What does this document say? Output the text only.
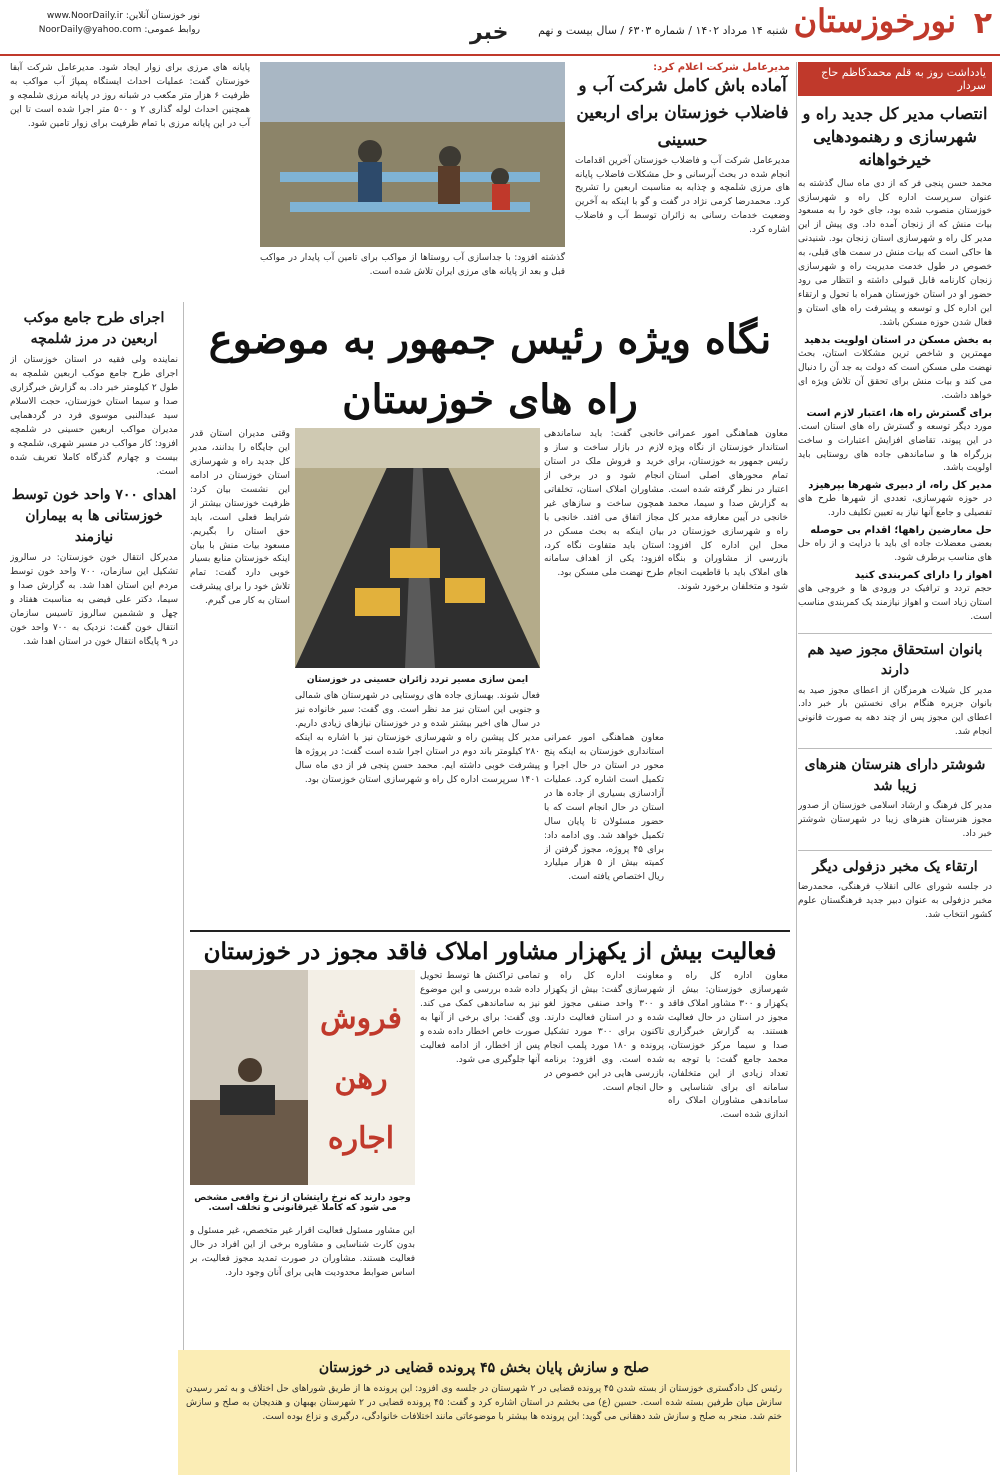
۲
نورخوزستان
شنبه ۱۴ مرداد ۱۴۰۲ / شماره ۶۳۰۳ / سال بیست و نهم
خبر
نور خوزستان آنلاین: www.NoorDaily.ir
روابط عمومی: NoorDaily@yahoo.com
یادداشت روز به قلم محمدکاظم حاج سردار
انتصاب مدیر کل جدید راه و شهرسازی و رهنمودهایی خیرخواهانه

محمد حسن پنجی فر که از دی ماه سال گذشته به عنوان سرپرست اداره کل راه و شهرسازی خوزستان منصوب شده بود، جای خود را به مسعود بیات منش که از زنجان آمده داد. وی پیش از این مدیر کل راه و شهرسازی استان زنجان بود. شنیدنی ها حاکی است که بیات منش در سمت های قبلی، به خصوص در طول خدمت مدیریت راه و شهرسازی زنجان کارنامه قابل قبولی داشته و انتظار می رود حضور او در استان خوزستان همراه با تحول و ارتقاء این اداره کل و توسعه و پیشرفت راه های استان و فعال شدن حوزه مسکن باشد.

به بخش مسکن در استان اولویت بدهید

مهمترین و شاخص ترین مشکلات استان، بحث نهضت ملی مسکن است که دولت به جد آن را دنبال می کند و بیات منش برای تحقق آن تلاش ویژه ای خواهد داشت.

برای گسترش راه ها، اعتبار لازم است

مورد دیگر توسعه و گسترش راه های استان است. در این پیوند، تقاضای افزایش اعتبارات و ساخت بزرگراه ها و ساماندهی جاده های روستایی باید اولویت باشد.

مدیر کل راه، از دبیری شهرها بپرهیزد

در حوزه شهرسازی، تعددی از شهرها طرح های تفصیلی و جامع آنها نیاز به تعیین تکلیف دارد.

حل معارضین راهها؛ اقدام بی حوصله

بعضی معضلات جاده ای باید با درایت و از راه حل های مناسب برطرف شود.

اهواز را دارای کمربندی کنید

حجم تردد و ترافیک در ورودی ها و خروجی های استان زیاد است و اهواز نیازمند یک کمربندی مناسب است.

بانوان استحقاق مجوز صید هم دارند

مدیر کل شیلات هرمزگان از اعطای مجوز صید به بانوان جزیره هنگام برای نخستین بار خبر داد. اعطای این مجوز پس از چند دهه به صورت قانونی انجام شد.

شوشتر دارای هنرستان هنرهای زیبا شد

مدیر کل فرهنگ و ارشاد اسلامی خوزستان از صدور مجوز هنرستان هنرهای زیبا در شهرستان شوشتر خبر داد.

ارتقاء یک مخبر دزفولی دیگر

در جلسه شورای عالی انقلاب فرهنگی، محمدرضا مخبر دزفولی به عنوان دبیر جدید فرهنگستان علوم کشور انتخاب شد.

مدیرعامل شرکت اعلام کرد:
آماده باش کامل شرکت آب و فاضلاب خوزستان برای اربعین حسینی

مدیرعامل شرکت آب و فاضلاب خوزستان آخرین اقدامات انجام شده در بحث آبرسانی و حل مشکلات فاضلاب پایانه های مرزی شلمچه و چذابه به مناسبت اربعین را تشریح کرد. محمدرضا کرمی نژاد در گفت و گو با اینکه به آخرین وضعیت خدمات رسانی به زائران توسط آب و فاضلاب اشاره کرد.

گذشته افزود: با جداسازی آب روستاها از مواکب برای تامین آب پایدار در مواکب قبل و بعد از پایانه های مرزی ایران تلاش شده است.

پایانه های مرزی برای زوار ایجاد شود. مدیرعامل شرکت آبفا خوزستان گفت: عملیات احداث ایستگاه پمپاژ آب مواکب به ظرفیت ۶ هزار متر مکعب در شبانه روز در پایانه مرزی شلمچه و همچنین احداث لوله گذاری ۲ و ۵۰۰ متر اجرا شده است تا این آب در این پایانه مرزی با تمام ظرفیت برای زوار تامین شود.

اجرای طرح جامع موکب اربعین در مرز شلمچه

نماینده ولی فقیه در استان خوزستان از اجرای طرح جامع موکب اربعین شلمچه به طول ۲ کیلومتر خبر داد. به گزارش خبرگزاری صدا و سیما استان خوزستان، حجت الاسلام سید عبدالنبی موسوی فرد در گردهمایی مدیران مواکب اربعین حسینی در شلمچه افزود: کار مواکب در مسیر شهری، شلمچه و بیست و چهارم گذرگاه کاملا تعریف شده است.

اهدای ۷۰۰ واحد خون توسط خوزستانی ها به بیماران نیازمند

مدیرکل انتقال خون خوزستان: در سالروز تشکیل این سازمان، ۷۰۰ واحد خون توسط مردم این استان اهدا شد. به گزارش صدا و سیما، دکتر علی فیضی به مناسبت هفتاد و چهل و ششمین سالروز تاسیس سازمان انتقال خون گفت: نزدیک به ۷۰۰ واحد خون در ۹ پایگاه انتقال خون در استان اهدا شد.

نگاه ویژه رئیس جمهور به موضوع راه های خوزستان

معاون هماهنگی امور عمرانی استاندار خوزستان از نگاه ویژه رئیس جمهور به خوزستان، برای تمام محورهای اصلی استان اعتبار در نظر گرفته شده است. به گزارش صدا و سیما، محمد خانجی در آیین معارفه مدیر کل راه و شهرسازی خوزستان در محل این اداره کل افزود: بازرسی از مشاوران و بنگاه های املاک باید با قاطعیت انجام شود و متخلفان برخورد شوند.

خانجی گفت: باید ساماندهی لازم در بازار ساخت و ساز و خرید و فروش ملک در استان انجام شود و در برخی از مشاوران املاک استان، تخلفاتی همچون ساخت و سازهای غیر مجاز اتفاق می افتد. خانجی با بیان اینکه به بحث مسکن در استان باید متفاوت نگاه کرد، افزود: یکی از اهداف سامانه طرح نهضت ملی مسکن بود.

ایمن سازی مسیر تردد زائران حسینی در خوزستان

معاون هماهنگی امور عمرانی استانداری خوزستان به اینکه پنج محور در استان در حال اجرا و تکمیل است اشاره کرد. عملیات آزادسازی بسیاری از جاده ها در استان در حال انجام است که با حضور مسئولان تا پایان سال تکمیل خواهد شد. وی ادامه داد: برای ۴۵ پروژه، مجوز گرفتن از کمیته بیش از ۵ هزار میلیارد ریال اختصاص یافته است.

وقتی مدیران استان قدر این جایگاه را بدانند، مدیر کل جدید راه و شهرسازی استان خوزستان در ادامه این نشست بیان کرد: ظرفیت خوزستان بیشتر از شرایط فعلی است، باید حق استان را بگیریم. مسعود بیات منش با بیان اینکه خوزستان منابع بسیار خوبی دارد گفت: تمام تلاش خود را برای پیشرفت استان به کار می گیرم.

فعال شوند. بهسازی جاده های روستایی در شهرستان های شمالی و جنوبی این استان نیز مد نظر است. وی گفت: سیر خانواده نیز در سال های اخیر بیشتر شده و در خوزستان نیازهای زیادی داریم. مدیر کل پیشین راه و شهرسازی خوزستان نیز با اشاره به اینکه ۲۸۰ کیلومتر باند دوم در استان اجرا شده است گفت: در پروژه ها پیشرفت خوبی داشته ایم. محمد حسن پنجی فر از دی ماه سال ۱۴۰۱ سرپرست اداره کل راه و شهرسازی استان خوزستان بود.

فعالیت بیش از یکهزار مشاور املاک فاقد مجوز در خوزستان

معاون اداره کل راه و شهرسازی خوزستان: بیش از یکهزار و ۳۰۰ مشاور املاک فاقد مجوز در استان در حال فعالیت هستند. به گزارش خبرگزاری صدا و سیما مرکز خوزستان، محمد جامع گفت: با توجه به تعداد زیادی از این متخلفان، سامانه ای برای شناسایی و ساماندهی مشاوران املاک راه اندازی شده است.

معاونت اداره کل راه و شهرسازی گفت: بیش از یکهزار و ۳۰۰ واحد صنفی مجوز لغو شده و در استان فعالیت دارند. تاکنون برای ۳۰۰ مورد تشکیل پرونده و ۱۸۰ مورد پلمب انجام شده است. وی افزود: برنامه بازرسی هایی در این خصوص در حال انجام است.

تمامی تراکنش ها توسط تحویل داده شده بررسی و این موضوع نیز به ساماندهی کمک می کند. وی گفت: برای برخی از آنها به صورت خاص اخطار داده شده و پس از اخطار، از ادامه فعالیت آنها جلوگیری می شود.

فروش
رهن
اجاره
وجود دارند که نرخ رایتشان از نرخ واقعی مشخص می شود که کاملا غیرقانونی و تخلف است.

این مشاور مسئول فعالیت اقرار غیر متخصص، غیر مسئول و بدون کارت شناسایی و مشاوره برخی از این افراد در حال فعالیت هستند. مشاوران در صورت تمدید مجوز فعالیت، بر اساس ضوابط محدودیت هایی برای آنان وجود دارد.

صلح و سازش پایان بخش ۴۵ پرونده قضایی در خوزستان

رئیس کل دادگستری خوزستان از بسته شدن ۴۵ پرونده قضایی در ۲ شهرستان در جلسه وی افزود: این پرونده ها از طریق شوراهای حل اختلاف و به ثمر رسیدن سازش میان طرفین بسته شده است. حسین (ع) می بخشم در استان اشاره کرد و گفت: ۴۵ پرونده قضایی در ۲ شهرستان بهبهان و هندیجان به صلح و سازش ختم شد. منجر به صلح و سازش شد دهقانی می گوید: این پرونده ها بیشتر با موضوعاتی مانند اختلافات خانوادگی، درگیری و نزاع بوده است.
